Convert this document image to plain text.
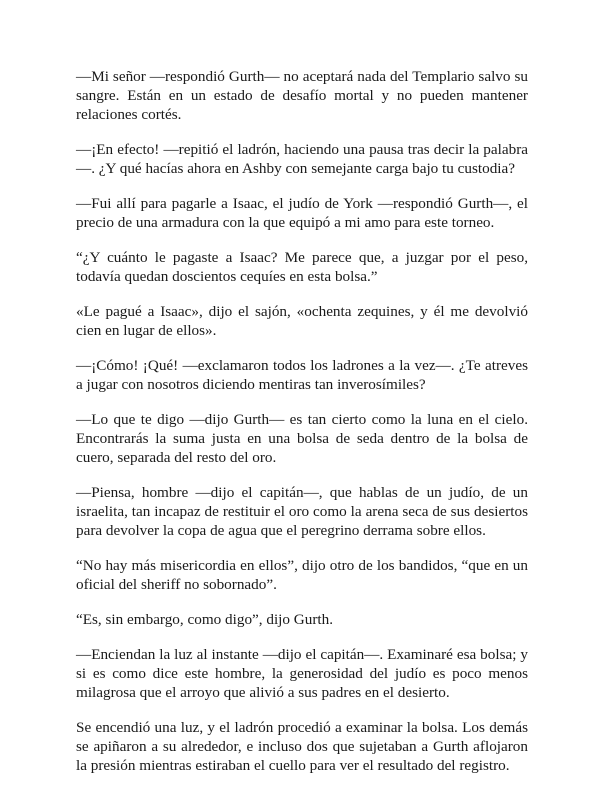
—Mi señor —respondió Gurth— no aceptará nada del Templario salvo su sangre. Están en un estado de desafío mortal y no pueden mantener relaciones cortés.

—¡En efecto! —repitió el ladrón, haciendo una pausa tras decir la palabra —. ¿Y qué hacías ahora en Ashby con semejante carga bajo tu custodia?

—Fui allí para pagarle a Isaac, el judío de York —respondió Gurth—, el precio de una armadura con la que equipó a mi amo para este torneo.

“¿Y cuánto le pagaste a Isaac? Me parece que, a juzgar por el peso, todavía quedan doscientos cequíes en esta bolsa.”

«Le pagué a Isaac», dijo el sajón, «ochenta zequines, y él me devolvió cien en lugar de ellos».

—¡Cómo! ¡Qué! —exclamaron todos los ladrones a la vez—. ¿Te atreves a jugar con nosotros diciendo mentiras tan inverosímiles?

—Lo que te digo —dijo Gurth— es tan cierto como la luna en el cielo. Encontrarás la suma justa en una bolsa de seda dentro de la bolsa de cuero, separada del resto del oro.

—Piensa, hombre —dijo el capitán—, que hablas de un judío, de un israelita, tan incapaz de restituir el oro como la arena seca de sus desiertos para devolver la copa de agua que el peregrino derrama sobre ellos.

“No hay más misericordia en ellos”, dijo otro de los bandidos, “que en un oficial del sheriff no sobornado”.

“Es, sin embargo, como digo”, dijo Gurth.

—Enciendan la luz al instante —dijo el capitán—. Examinaré esa bolsa; y si es como dice este hombre, la generosidad del judío es poco menos milagrosa que el arroyo que alivió a sus padres en el desierto.

Se encendió una luz, y el ladrón procedió a examinar la bolsa. Los demás se apiñaron a su alrededor, e incluso dos que sujetaban a Gurth aflojaron la presión mientras estiraban el cuello para ver el resultado del registro.
